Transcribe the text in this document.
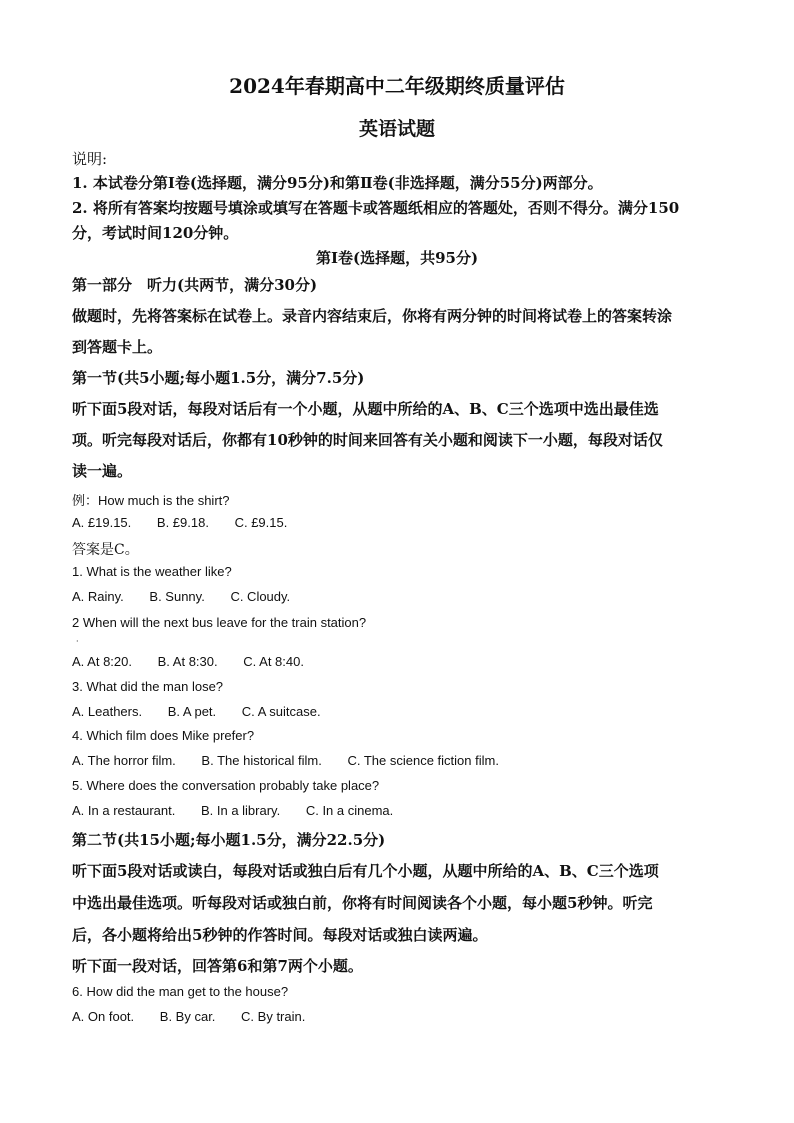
2024年春期高中二年级期终质量评估
英语试题
说明:
1. 本试卷分第Ⅰ卷(选择题，满分95分)和第Ⅱ卷(非选择题，满分55分)两部分。
2. 将所有答案均按题号填涂或填写在答题卡或答题纸相应的答题处，否则不得分。满分150
分，考试时间120分钟。
第Ⅰ卷(选择题，共95分)
第一部分　听力(共两节，满分30分)
做题时，先将答案标在试卷上。录音内容结束后，你将有两分钟的时间将试卷上的答案转涂
到答题卡上。
第一节(共5小题;每小题1.5分，满分7.5分)
听下面5段对话，每段对话后有一个小题，从题中所给的A、B、C三个选项中选出最佳选
项。听完每段对话后，你都有10秒钟的时间来回答有关小题和阅读下一小题，每段对话仅
读一遍。
例：How much is the shirt?
A. £19.15. B. £9.18. C. £9.15.
答案是C。
1. What is the weather like?
A. Rainy. B. Sunny. C. Cloudy.
2 When will the next bus leave for the train station?
·
A. At 8:20. B. At 8:30. C. At 8:40.
3. What did the man lose?
A. Leathers. B. A pet. C. A suitcase.
4. Which film does Mike prefer?
A. The horror film. B. The historical film. C. The science fiction film.
5. Where does the conversation probably take place?
A. In a restaurant. B. In a library. C. In a cinema.
第二节(共15小题;每小题1.5分，满分22.5分)
听下面5段对话或读白，每段对话或独白后有几个小题，从题中所给的A、B、C三个选项
中选出最佳选项。听每段对话或独白前，你将有时间阅读各个小题，每小题5秒钟。听完
后，各小题将给出5秒钟的作答时间。每段对话或独白读两遍。
听下面一段对话，回答第6和第7两个小题。
6. How did the man get to the house?
A. On foot. B. By car. C. By train.
